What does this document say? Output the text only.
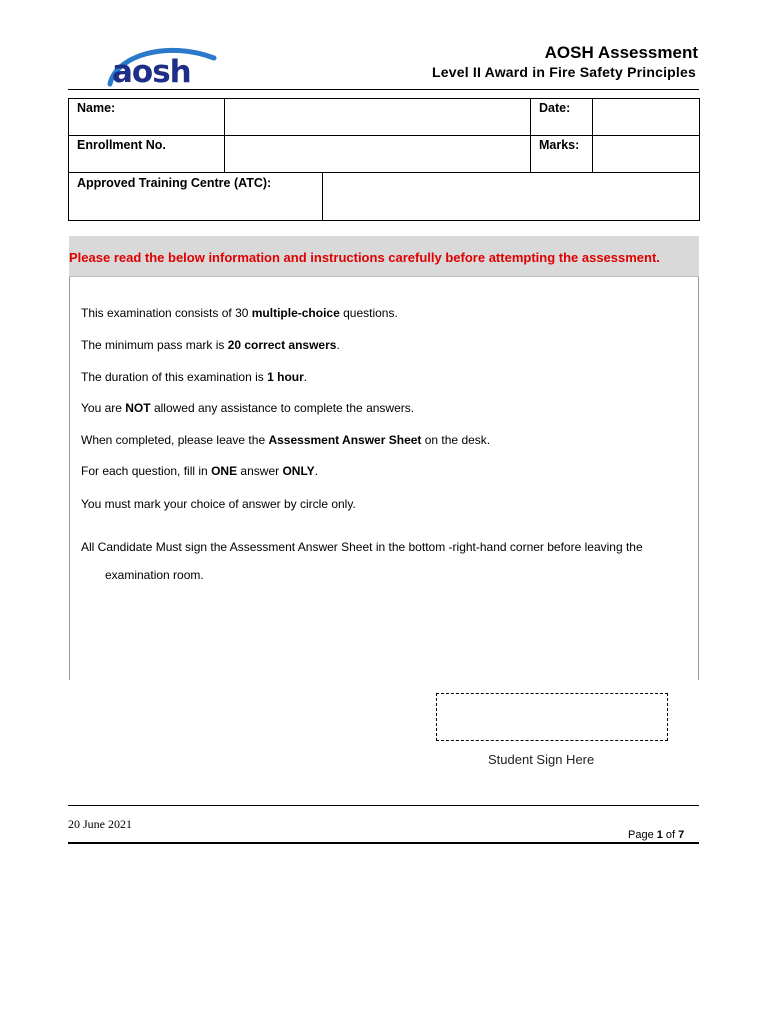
aosh
AOSH Assessment
Level II Award in Fire Safety Principles
Name:		Date:	

Enrollment No.		Marks:	

Approved Training Centre (ATC):

Please read the below information and instructions carefully before attempting the assessment.
This examination consists of 30 multiple-choice questions.
The minimum pass mark is 20 correct answers.
The duration of this examination is 1 hour.
You are NOT allowed any assistance to complete the answers.
When completed, please leave the Assessment Answer Sheet on the desk.
For each question, fill in ONE answer ONLY.
You must mark your choice of answer by circle only.
All Candidate Must sign the Assessment Answer Sheet in the bottom -right-hand corner before leaving the
examination room.
Student Sign Here
20 June 2021
Page 1 of 7
